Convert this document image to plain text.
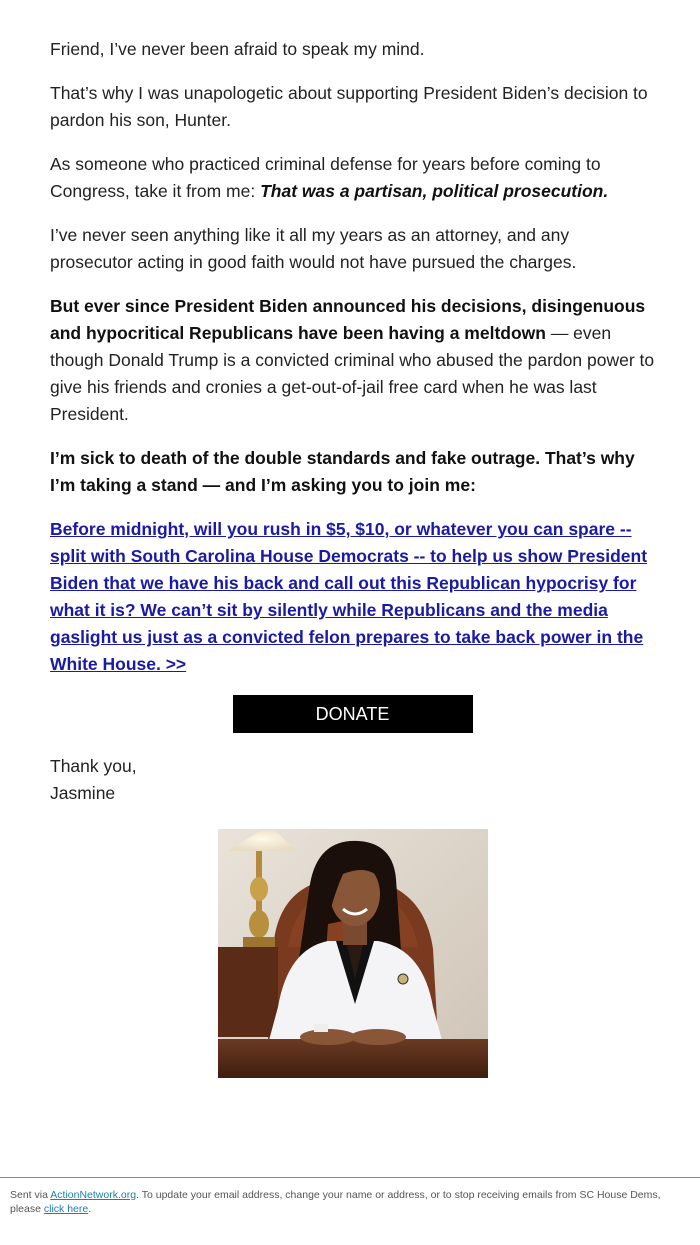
Friend, I’ve never been afraid to speak my mind.

That’s why I was unapologetic about supporting President Biden’s decision to pardon his son, Hunter.

As someone who practiced criminal defense for years before coming to Congress, take it from me: That was a partisan, political prosecution.

I’ve never seen anything like it all my years as an attorney, and any prosecutor acting in good faith would not have pursued the charges.

But ever since President Biden announced his decisions, disingenuous and hypocritical Republicans have been having a meltdown — even though Donald Trump is a convicted criminal who abused the pardon power to give his friends and cronies a get-out-of-jail free card when he was last President.

I’m sick to death of the double standards and fake outrage. That’s why I’m taking a stand — and I’m asking you to join me:

Before midnight, will you rush in $5, $10, or whatever you can spare -- split with South Carolina House Democrats -- to help us show President Biden that we have his back and call out this Republican hypocrisy for what it is? We can’t sit by silently while Republicans and the media gaslight us just as a convicted felon prepares to take back power in the White House. >>

DONATE

Thank you,
Jasmine

Sent via ActionNetwork.org. To update your email address, change your name or address, or to stop receiving emails from SC House Dems, please click here.
